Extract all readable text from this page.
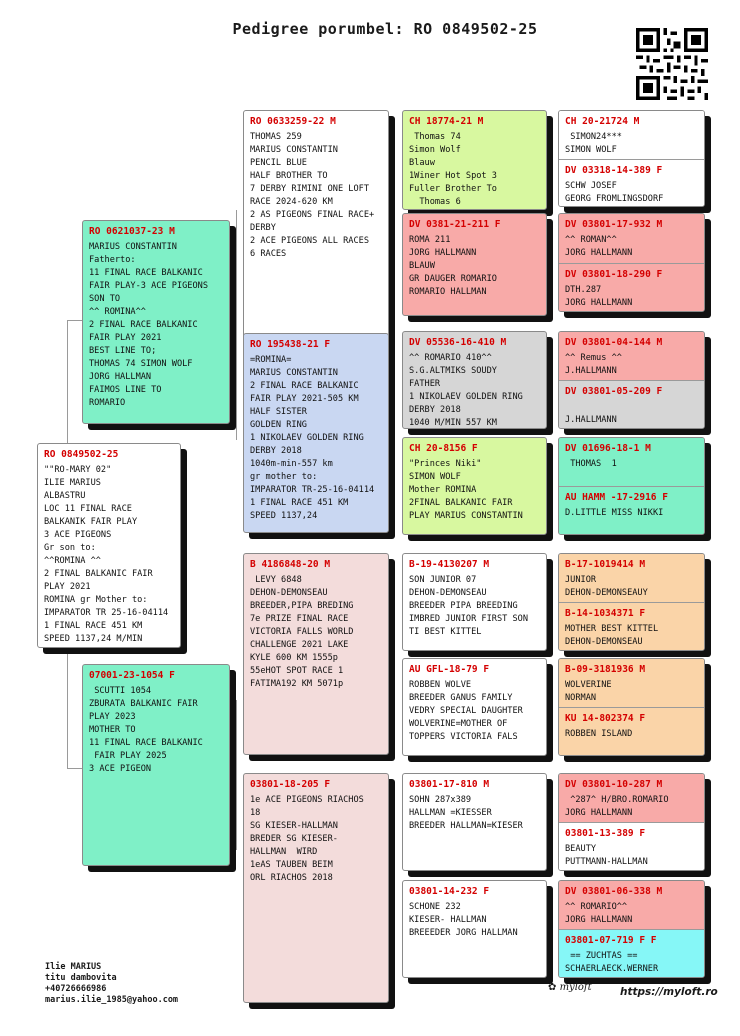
Pedigree porumbel: RO 0849502-25
RO 0849502-25
""RO-MARY 02"
ILIE MARIUS
ALBASTRU
LOC 11 FINAL RACE
BALKANIK FAIR PLAY
3 ACE PIGEONS
Gr son to:
^^ROMINA ^^
2 FINAL BALKANIC FAIR
PLAY 2021
ROMINA gr Mother to:
IMPARATOR TR 25-16-04114
1 FINAL RACE 451 KM
SPEED 1137,24 M/MIN
RO 0621037-23 M
MARIUS CONSTANTIN
Fatherto:
11 FINAL RACE BALKANIC
FAIR PLAY-3 ACE PIGEONS
SON TO
^^ ROMINA^^
2 FINAL RACE BALKANIC
FAIR PLAY 2021
BEST LINE TO;
THOMAS 74 SIMON WOLF
JORG HALLMAN
FAIMOS LINE TO
ROMARIO
07001-23-1054 F
SCUTTI 1054
ZBURATA BALKANIC FAIR
PLAY 2023
MOTHER TO
11 FINAL RACE BALKANIC
FAIR PLAY 2025
3 ACE PIGEON
RO 0633259-22 M
THOMAS 259
MARIUS CONSTANTIN
PENCIL BLUE
HALF BROTHER TO
7 DERBY RIMINI ONE LOFT
RACE 2024-620 KM
2 AS PIGEONS FINAL RACE+
DERBY
2 ACE PIGEONS ALL RACES
6 RACES
RO 195438-21 F
=ROMINA=
MARIUS CONSTANTIN
2 FINAL RACE BALKANIC
FAIR PLAY 2021-505 KM
HALF SISTER
GOLDEN RING
1 NIKOLAEV GOLDEN RING
DERBY 2018
1040m-min-557 km
gr mother to:
IMPARATOR TR-25-16-04114
1 FINAL RACE 451 KM
SPEED 1137,24
B 4186848-20 M
LEVY 6848
DEHON-DEMONSEAU
BREEDER,PIPA BREDING
7e PRIZE FINAL RACE
VICTORIA FALLS WORLD
CHALLENGE 2021 LAKE
KYLE 600 KM 1555p
55eHOT SPOT RACE 1
FATIMA192 KM 5071p
03801-18-205 F
1e ACE PIGEONS RIACHOS
18
SG KIESER-HALLMAN
BREDER SG KIESER-
HALLMAN  WIRD
1eAS TAUBEN BEIM
ORL RIACHOS 2018
CH 18774-21 M
Thomas 74
Simon Wolf
Blauw
1Winer Hot Spot 3
Fuller Brother To
Thomas 6
DV 0381-21-211 F
ROMA 211
JORG HALLMANN
BLAUW
GR DAUGER ROMARIO
ROMARIO HALLMAN
DV 05536-16-410 M
^^ ROMARIO 410^^
S.G.ALTMIKS SOUDY
FATHER
1 NIKOLAEV GOLDEN RING
DERBY 2018
1040 M/MIN 557 KM
CH 20-8156 F
"Princes Niki"
SIMON WOLF
Mother ROMINA
2FINAL BALKANIC FAIR
PLAY MARIUS CONSTANTIN
B-19-4130207 M
SON JUNIOR 07
DEHON-DEMONSEAU
BREEDER PIPA BREEDING
IMBRED JUNIOR FIRST SON
TI BEST KITTEL
AU GFL-18-79 F
ROBBEN WOLVE
BREEDER GANUS FAMILY
VEDRY SPECIAL DAUGHTER
WOLVERINE=MOTHER OF
TOPPERS VICTORIA FALS
03801-17-810 M
SOHN 287x389
HALLMAN =KIESSER
BREEDER HALLMAN=KIESER
03801-14-232 F
SCHONE 232
KIESER- HALLMAN
BREEEDER JORG HALLMAN
CH 20-21724 M
SIMON24***
SIMON WOLF
DV 03318-14-389 F
SCHW JOSEF
GEORG FROMLINGSDORF
DV 03801-17-932 M
^^ ROMAN^^
JORG HALLMANN
DV 03801-18-290 F
DTH.287
JORG HALLMANN
DV 03801-04-144 M
^^ Remus ^^
J.HALLMANN
DV 03801-05-209 F

J.HALLMANN
DV 01696-18-1 M
THOMAS  1
AU HAMM -17-2916 F
D.LITTLE MISS NIKKI
B-17-1019414 M
JUNIOR
DEHON-DEMONSEAUY
B-14-1034371 F
MOTHER BEST KITTEL
DEHON-DEMONSEAU
B-09-3181936 M
WOLVERINE
NORMAN
KU 14-802374 F
ROBBEN ISLAND
DV 03801-10-287 M
^287^ H/BRO.ROMARIO
JORG HALLMANN
03801-13-389 F
BEAUTY
PUTTMANN-HALLMAN
DV 03801-06-338 M
^^ ROMARIO^^
JORG HALLMANN
03801-07-719 F F
== ZUCHTAS ==
SCHAERLAECK.WERNER
Ilie MARIUS
titu dambovita
+40726666986
marius.ilie_1985@yahoo.com
✿ myloft	https://myloft.ro
